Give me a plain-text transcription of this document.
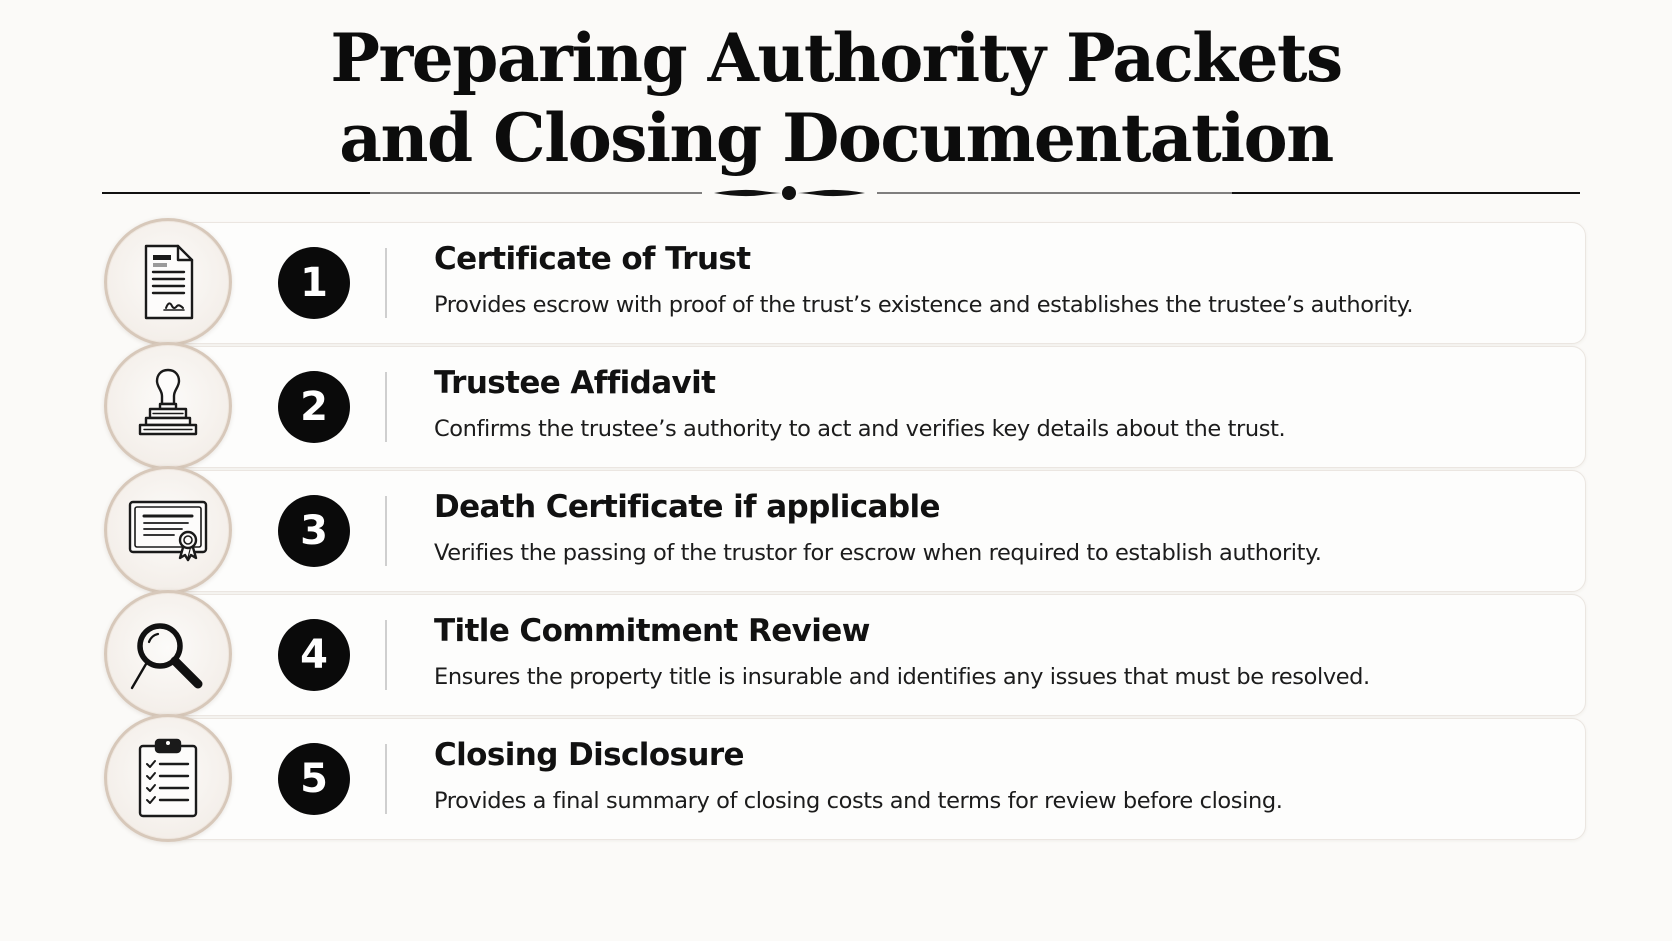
Preparing Authority Packets
and Closing Documentation
1
Certificate of Trust
Provides escrow with proof of the trust’s existence and establishes the trustee’s authority.
2
Trustee Affidavit
Confirms the trustee’s authority to act and verifies key details about the trust.
3
Death Certificate if applicable
Verifies the passing of the trustor for escrow when required to establish authority.
4
Title Commitment Review
Ensures the property title is insurable and identifies any issues that must be resolved.
5
Closing Disclosure
Provides a final summary of closing costs and terms for review before closing.
